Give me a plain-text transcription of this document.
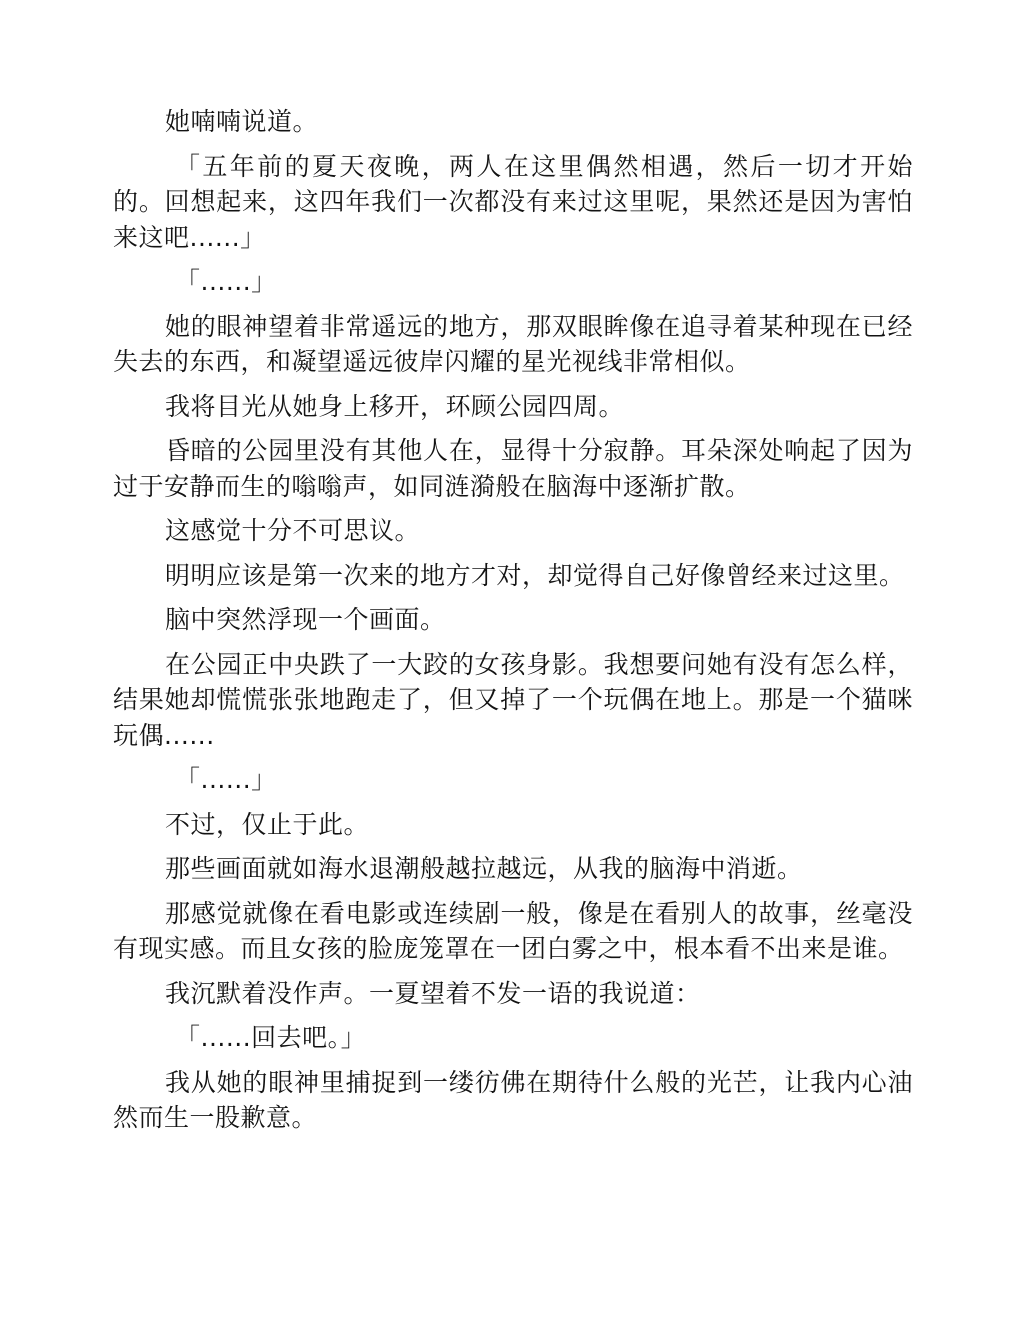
她喃喃说道。

「五年前的夏天夜晚，两人在这里偶然相遇，然后一切才开始的。回想起来，这四年我们一次都没有来过这里呢，果然还是因为害怕来这吧......」

「......」

她的眼神望着非常遥远的地方，那双眼眸像在追寻着某种现在已经失去的东西，和凝望遥远彼岸闪耀的星光视线非常相似。

我将目光从她身上移开，环顾公园四周。

昏暗的公园里没有其他人在，显得十分寂静。耳朵深处响起了因为过于安静而生的嗡嗡声，如同涟漪般在脑海中逐渐扩散。

这感觉十分不可思议。

明明应该是第一次来的地方才对，却觉得自己好像曾经来过这里。

脑中突然浮现一个画面。

在公园正中央跌了一大跤的女孩身影。我想要问她有没有怎么样，结果她却慌慌张张地跑走了，但又掉了一个玩偶在地上。那是一个猫咪玩偶......

「......」

不过，仅止于此。

那些画面就如海水退潮般越拉越远，从我的脑海中消逝。

那感觉就像在看电影或连续剧一般，像是在看别人的故事，丝毫没有现实感。而且女孩的脸庞笼罩在一团白雾之中，根本看不出来是谁。

我沉默着没作声。一夏望着不发一语的我说道：

「......回去吧。」

我从她的眼神里捕捉到一缕彷佛在期待什么般的光芒，让我内心油然而生一股歉意。
